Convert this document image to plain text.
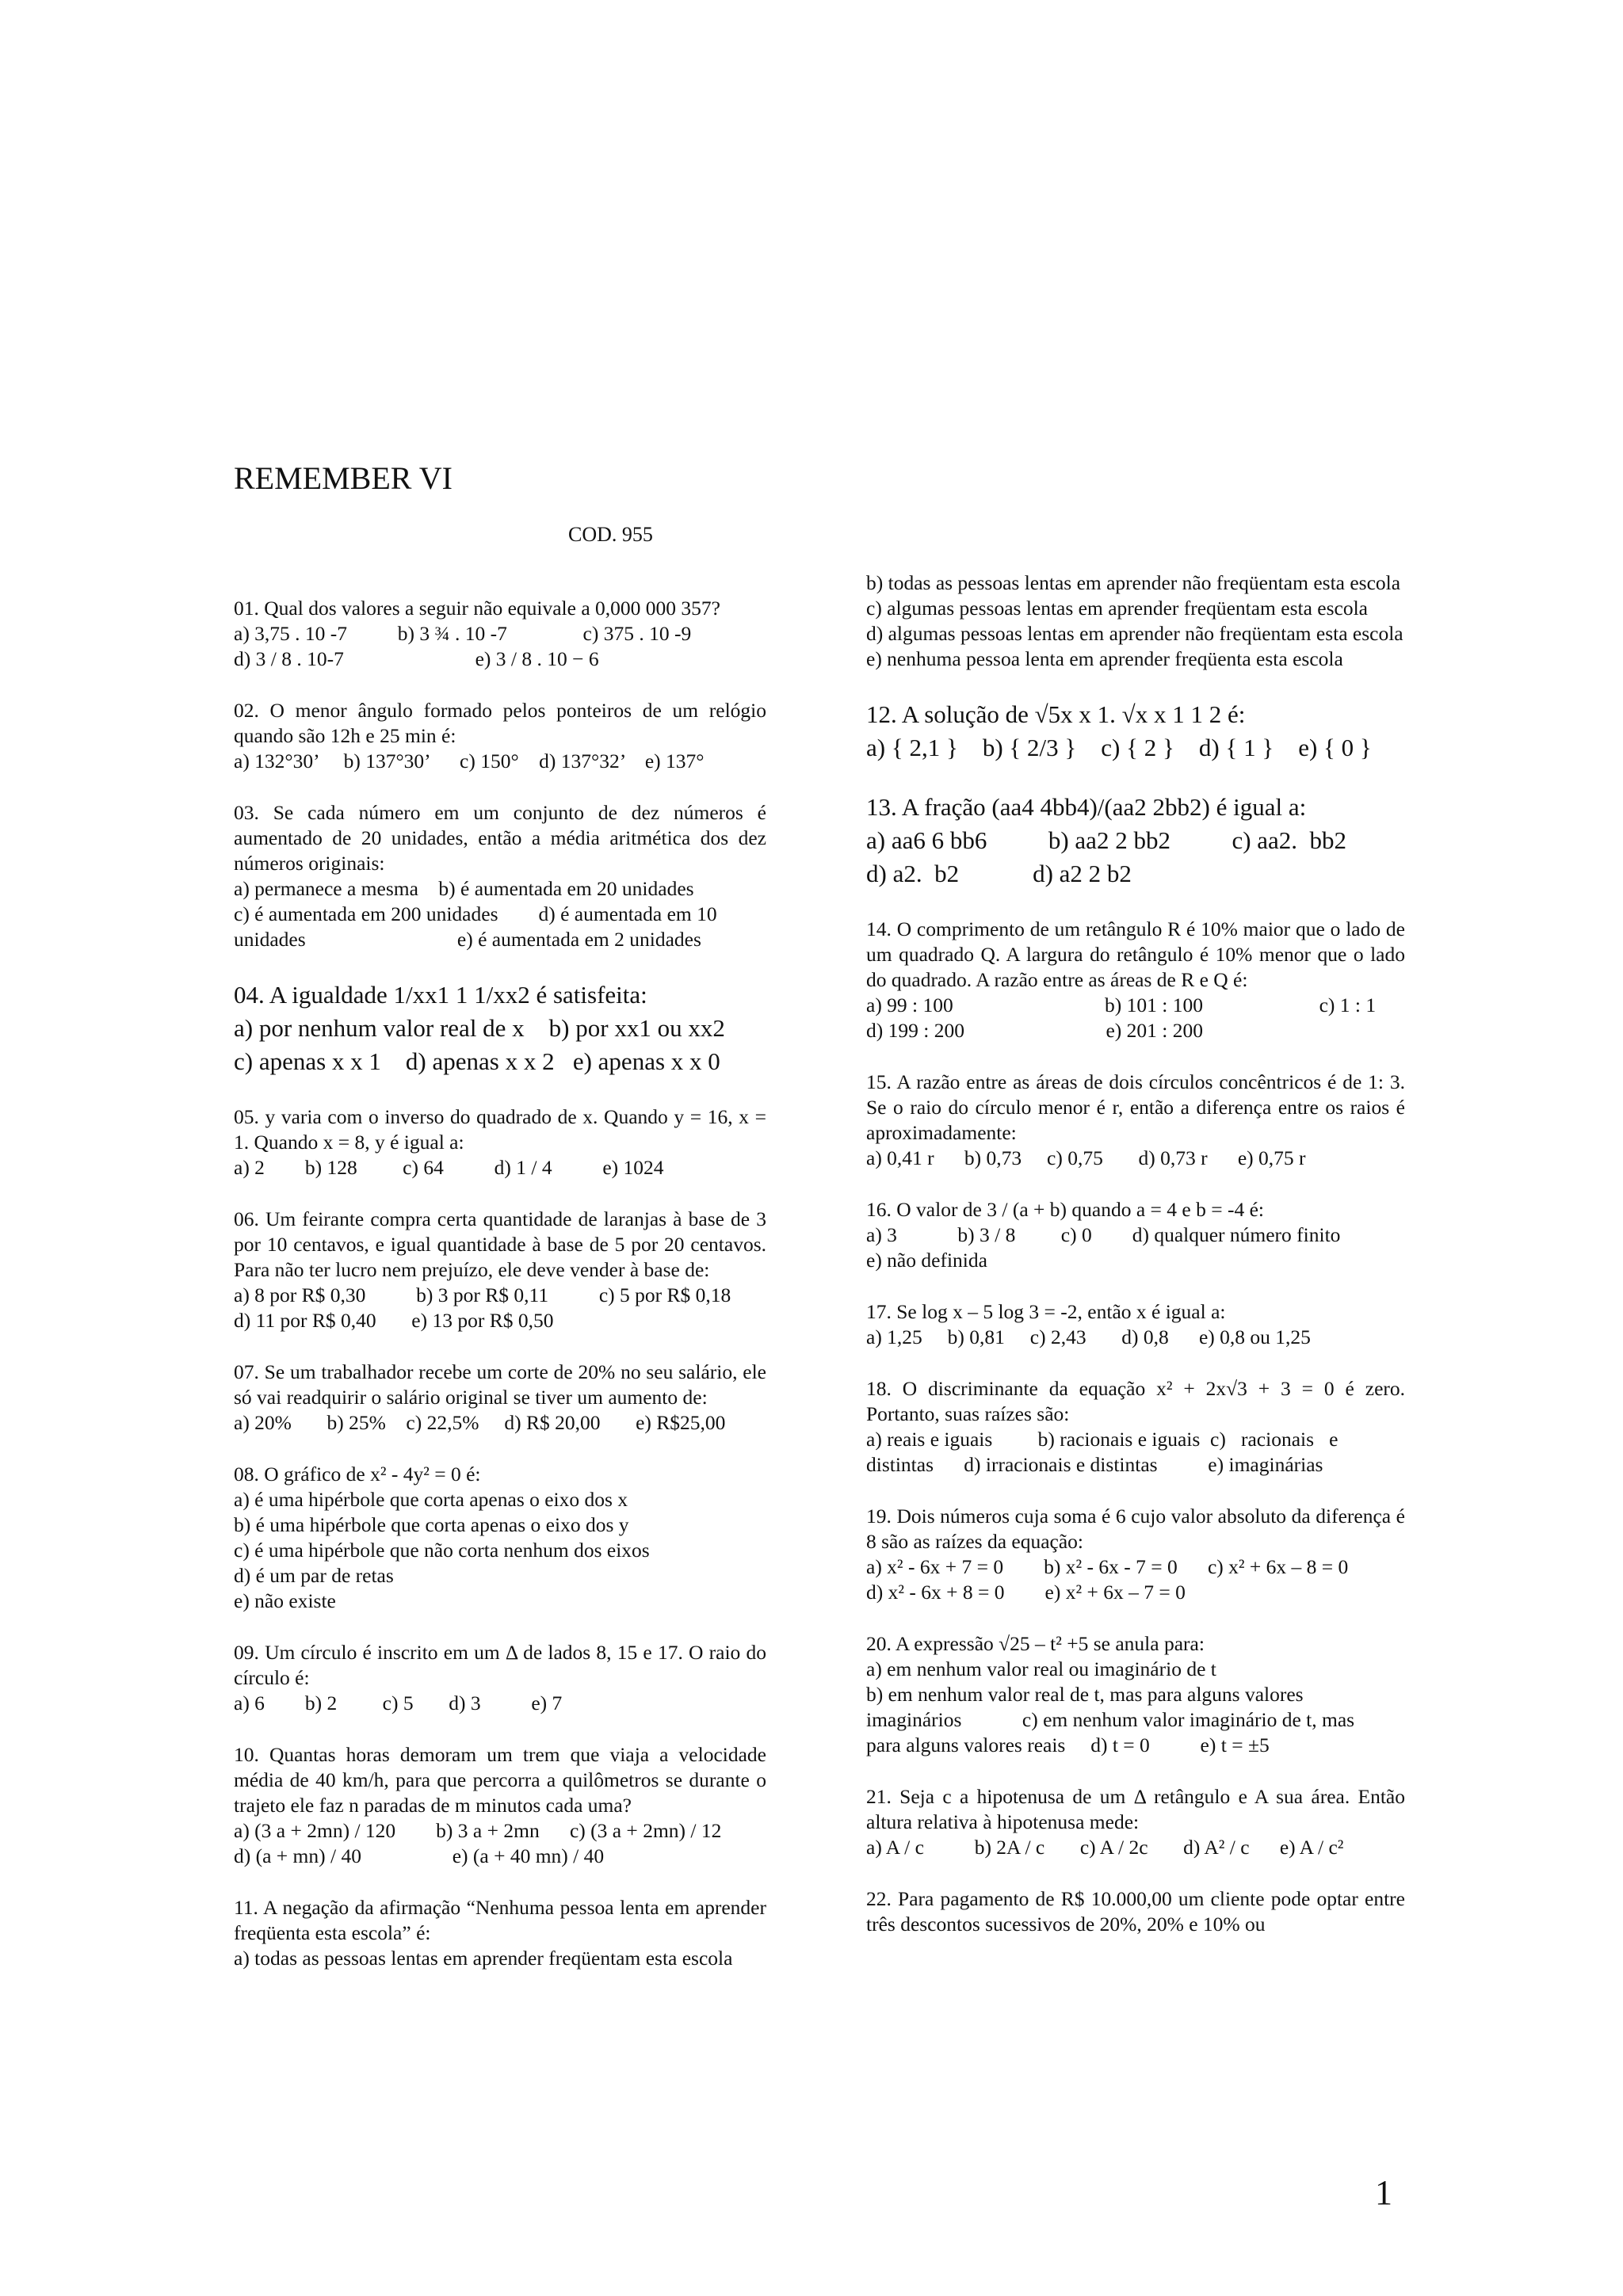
REMEMBER VI
COD. 955
01. Qual dos valores a seguir não equivale a 0,000 000 357?
a) 3,75 . 10 -7          b) 3 ¾ . 10 -7               c) 375 . 10 -9
d) 3 / 8 . 10-7                          e) 3 / 8 . 10 − 6
02. O menor ângulo formado pelos ponteiros de um relógio quando são 12h e 25 min é:
a) 132°30’     b) 137°30’      c) 150°    d) 137°32’    e) 137°
03. Se cada número em um conjunto de dez números é aumentado de 20 unidades, então a média aritmética dos dez números originais:
a) permanece a mesma    b) é aumentada em 20 unidades
c) é aumentada em 200 unidades        d) é aumentada em 10
unidades                              e) é aumentada em 2 unidades
04. A igualdade 1/xx1 1 1/xx2 é satisfeita:
a) por nenhum valor real de x    b) por xx1 ou xx2
c) apenas x x 1    d) apenas x x 2   e) apenas x x 0
05. y varia com o inverso do quadrado de x. Quando y = 16, x = 1. Quando x = 8, y é igual a:
a) 2        b) 128         c) 64          d) 1 / 4          e) 1024
06. Um feirante compra certa quantidade de laranjas à base de 3 por 10 centavos, e igual quantidade à base de 5 por 20 centavos. Para não ter lucro nem prejuízo, ele deve vender à base de:
a) 8 por R$ 0,30          b) 3 por R$ 0,11          c) 5 por R$ 0,18
d) 11 por R$ 0,40       e) 13 por R$ 0,50
07. Se um trabalhador recebe um corte de 20% no seu salário, ele só vai readquirir o salário original se tiver um aumento de:
a) 20%       b) 25%    c) 22,5%     d) R$ 20,00       e) R$25,00
08. O gráfico de x² - 4y² = 0 é:
a) é uma hipérbole que corta apenas o eixo dos x
b) é uma hipérbole que corta apenas o eixo dos y
c) é uma hipérbole que não corta nenhum dos eixos
d) é um par de retas
e) não existe
09. Um círculo é inscrito em um Δ de lados 8, 15 e 17. O raio do círculo é:
a) 6        b) 2         c) 5       d) 3          e) 7
10. Quantas horas demoram um trem que viaja a velocidade média de 40 km/h, para que percorra a quilômetros se durante o trajeto ele faz n paradas de m minutos cada uma?
a) (3 a + 2mn) / 120        b) 3 a + 2mn      c) (3 a + 2mn) / 12
d) (a + mn) / 40                  e) (a + 40 mn) / 40
11. A negação da afirmação “Nenhuma pessoa lenta em aprender freqüenta esta escola” é:
a) todas as pessoas lentas em aprender freqüentam esta escola
b) todas as pessoas lentas em aprender não freqüentam esta escola
c) algumas pessoas lentas em aprender freqüentam esta escola
d) algumas pessoas lentas em aprender não freqüentam esta escola
e) nenhuma pessoa lenta em aprender freqüenta esta escola
12. A solução de √5x x 1. √x x 1 1 2 é:
a) { 2,1 }    b) { 2/3 }    c) { 2 }    d) { 1 }    e) { 0 }
13. A fração (aa4 4bb4)/(aa2 2bb2) é igual a:
a) aa6 6 bb6          b) aa2 2 bb2          c) aa2.  bb2
d) a2.  b2            d) a2 2 b2
14. O comprimento de um retângulo R é 10% maior que o lado de um quadrado Q. A largura do retângulo é 10% menor que o lado do quadrado. A razão entre as áreas de R e Q é:
a) 99 : 100                              b) 101 : 100                       c) 1 : 1
d) 199 : 200                            e) 201 : 200
15. A razão entre as áreas de dois círculos concêntricos é de 1: 3. Se o raio do círculo menor é r, então a diferença entre os raios é aproximadamente:
a) 0,41 r      b) 0,73     c) 0,75       d) 0,73 r      e) 0,75 r
16. O valor de 3 / (a + b) quando a = 4 e b = -4 é:
a) 3            b) 3 / 8         c) 0        d) qualquer número finito
e) não definida
17. Se log x – 5 log 3 = -2, então x é igual a:
a) 1,25     b) 0,81     c) 2,43       d) 0,8      e) 0,8 ou 1,25
18. O discriminante da equação x² + 2x√3 + 3 = 0 é zero. Portanto, suas raízes são:
a) reais e iguais         b) racionais e iguais  c)   racionais   e
distintas      d) irracionais e distintas          e) imaginárias
19. Dois números cuja soma é 6 cujo valor absoluto da diferença é 8 são as raízes da equação:
a) x² - 6x + 7 = 0        b) x² - 6x - 7 = 0      c) x² + 6x – 8 = 0
d) x² - 6x + 8 = 0        e) x² + 6x – 7 = 0
20. A expressão √25 – t² +5 se anula para:
a) em nenhum valor real ou imaginário de t
b) em nenhum valor real de t, mas para alguns valores
imaginários            c) em nenhum valor imaginário de t, mas
para alguns valores reais     d) t = 0          e) t = ±5
21. Seja c a hipotenusa de um Δ retângulo e A sua área. Então altura relativa à hipotenusa mede:
a) A / c          b) 2A / c       c) A / 2c       d) A² / c      e) A / c²
22. Para pagamento de R$ 10.000,00 um cliente pode optar entre três descontos sucessivos de 20%, 20% e 10% ou
1
